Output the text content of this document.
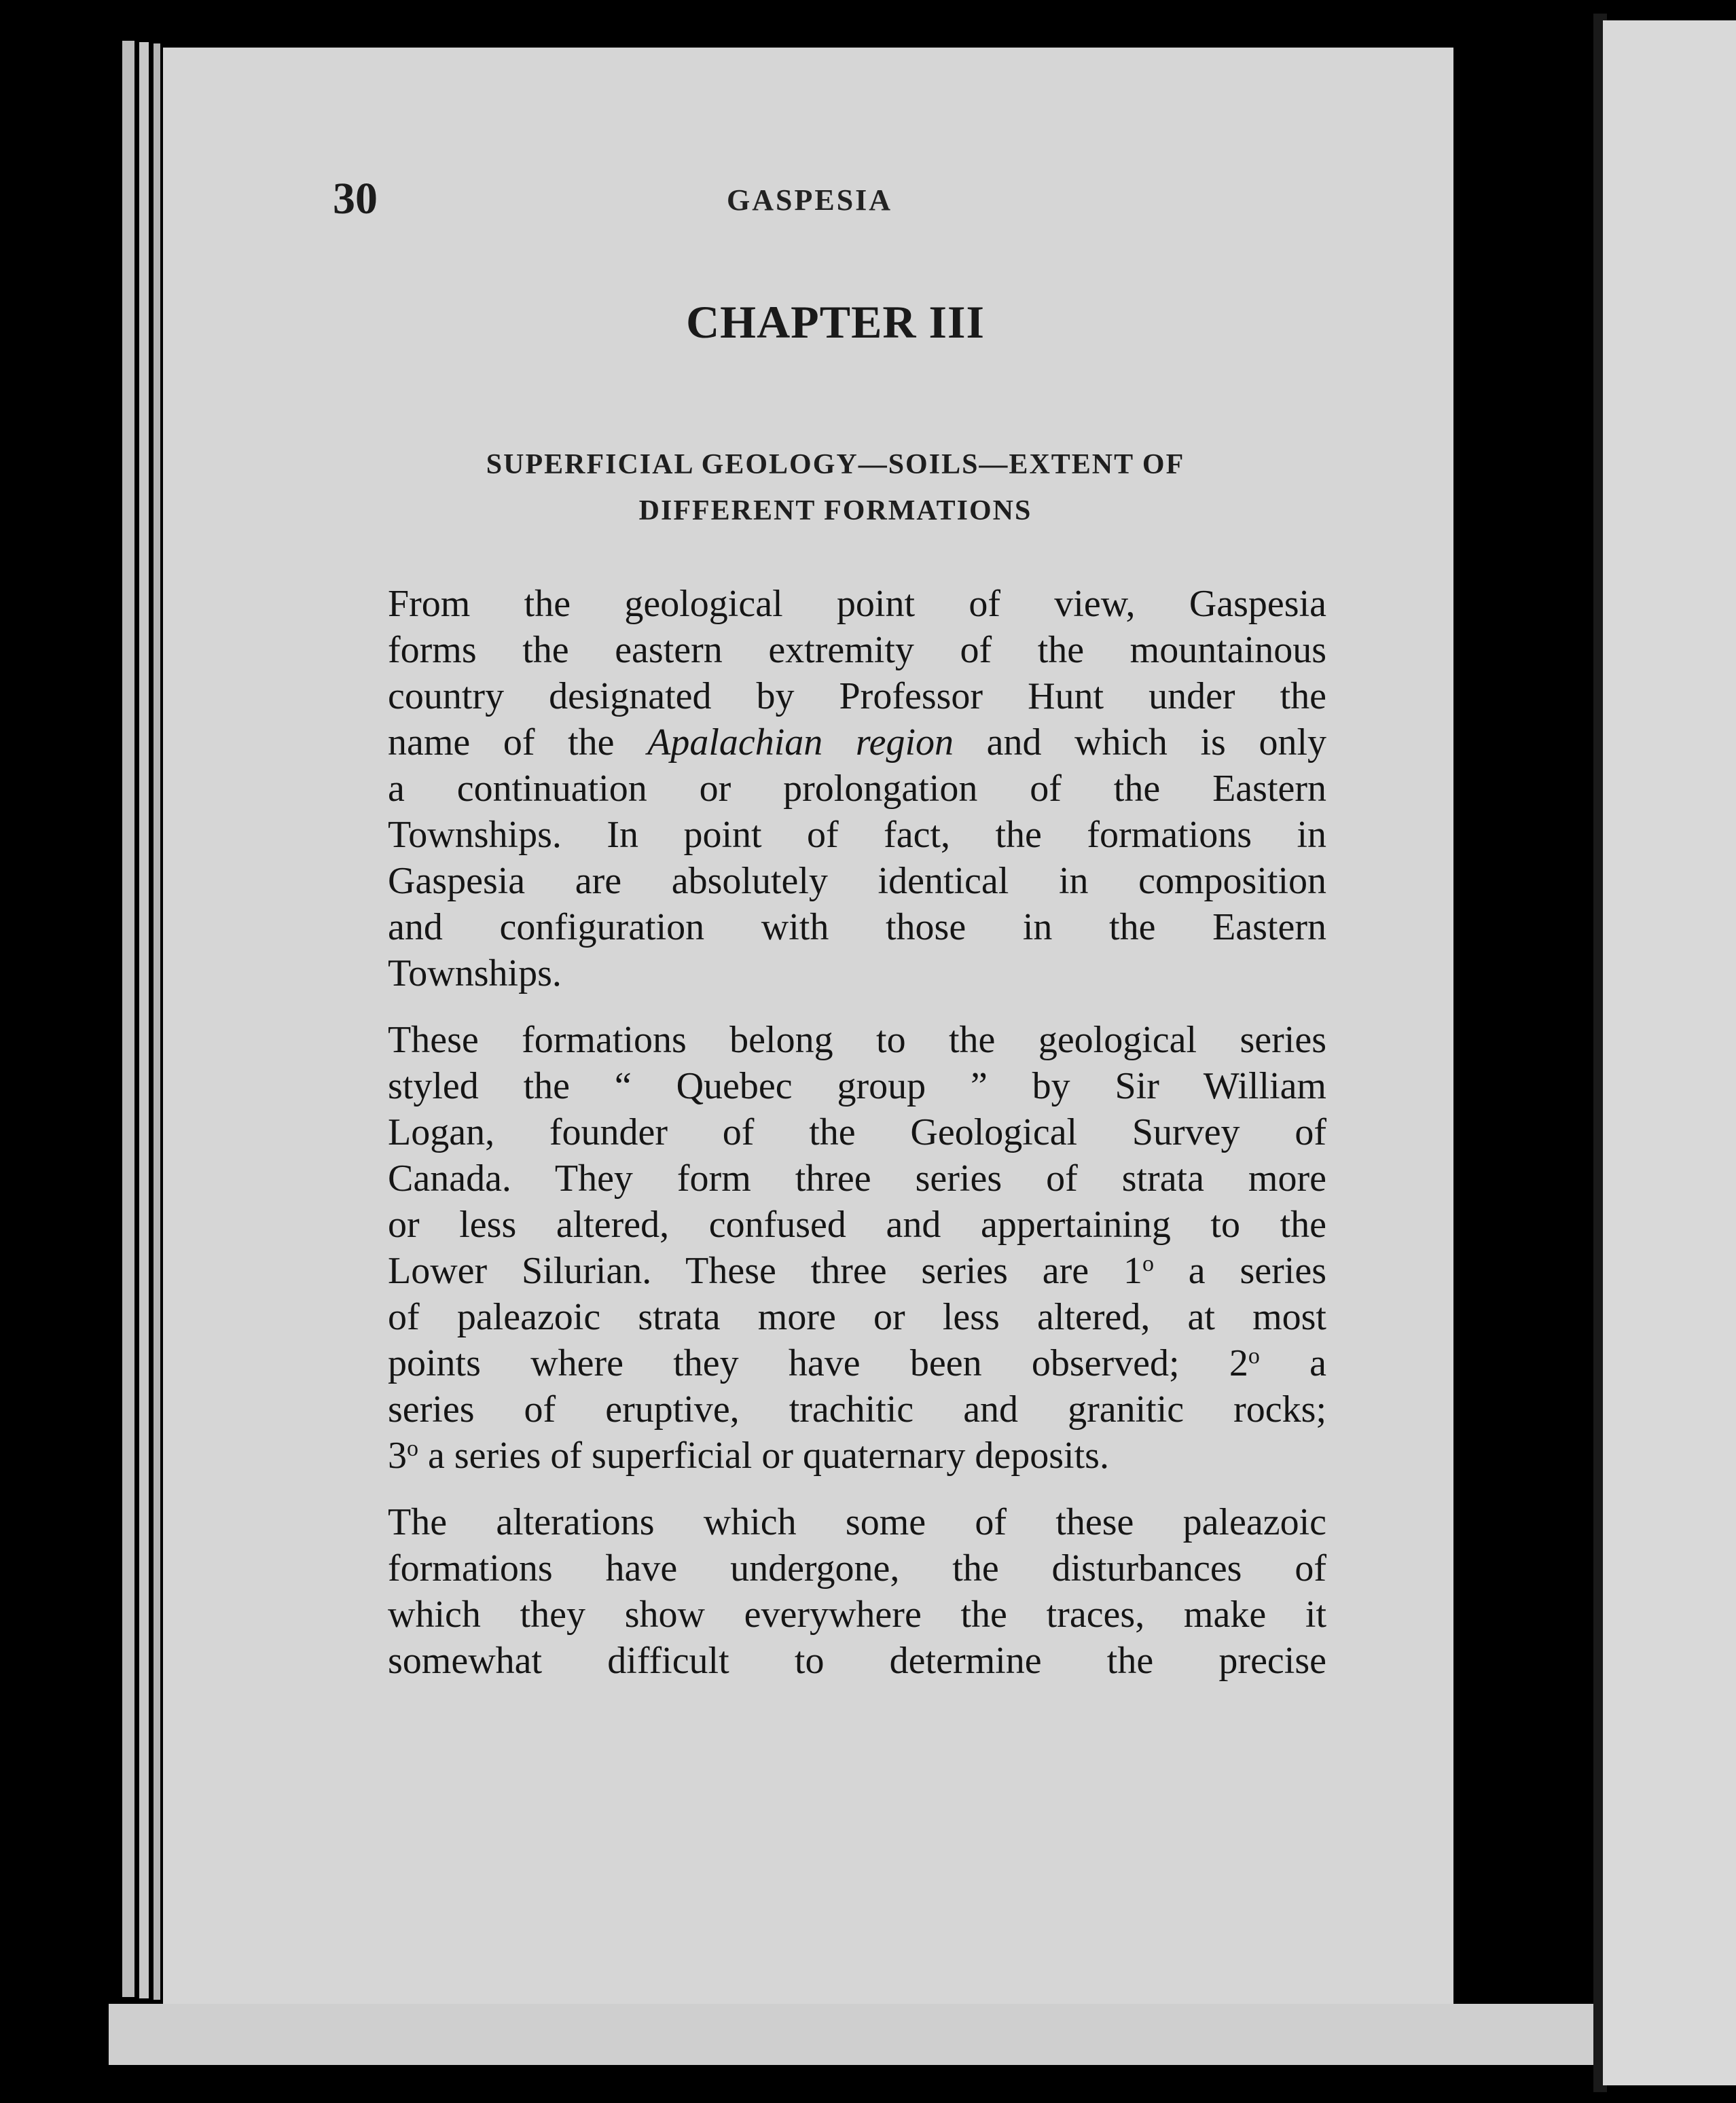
30	GASPESIA
CHAPTER III
SUPERFICIAL GEOLOGY—SOILS—EXTENT OF
DIFFERENT FORMATIONS
From the geological point of view, Gaspesia
forms the eastern extremity of the mountainous
country designated by Professor Hunt under the
name of the Apalachian region and which is only
a continuation or prolongation of the Eastern
Townships. In point of fact, the formations in
Gaspesia are absolutely identical in composition
and configuration with those in the Eastern
Townships.
These formations belong to the geological series
styled the “ Quebec group ” by Sir William
Logan, founder of the Geological Survey of
Canada. They form three series of strata more
or less altered, confused and appertaining to the
Lower Silurian. These three series are 1$^o$ a series
of paleazoic strata more or less altered, at most
points where they have been observed; 2$^o$ a
series of eruptive, trachitic and granitic rocks;
3$^o$ a series of superficial or quaternary deposits.
The alterations which some of these paleazoic
formations have undergone, the disturbances of
which they show everywhere the traces, make it
somewhat difficult to determine the precise
